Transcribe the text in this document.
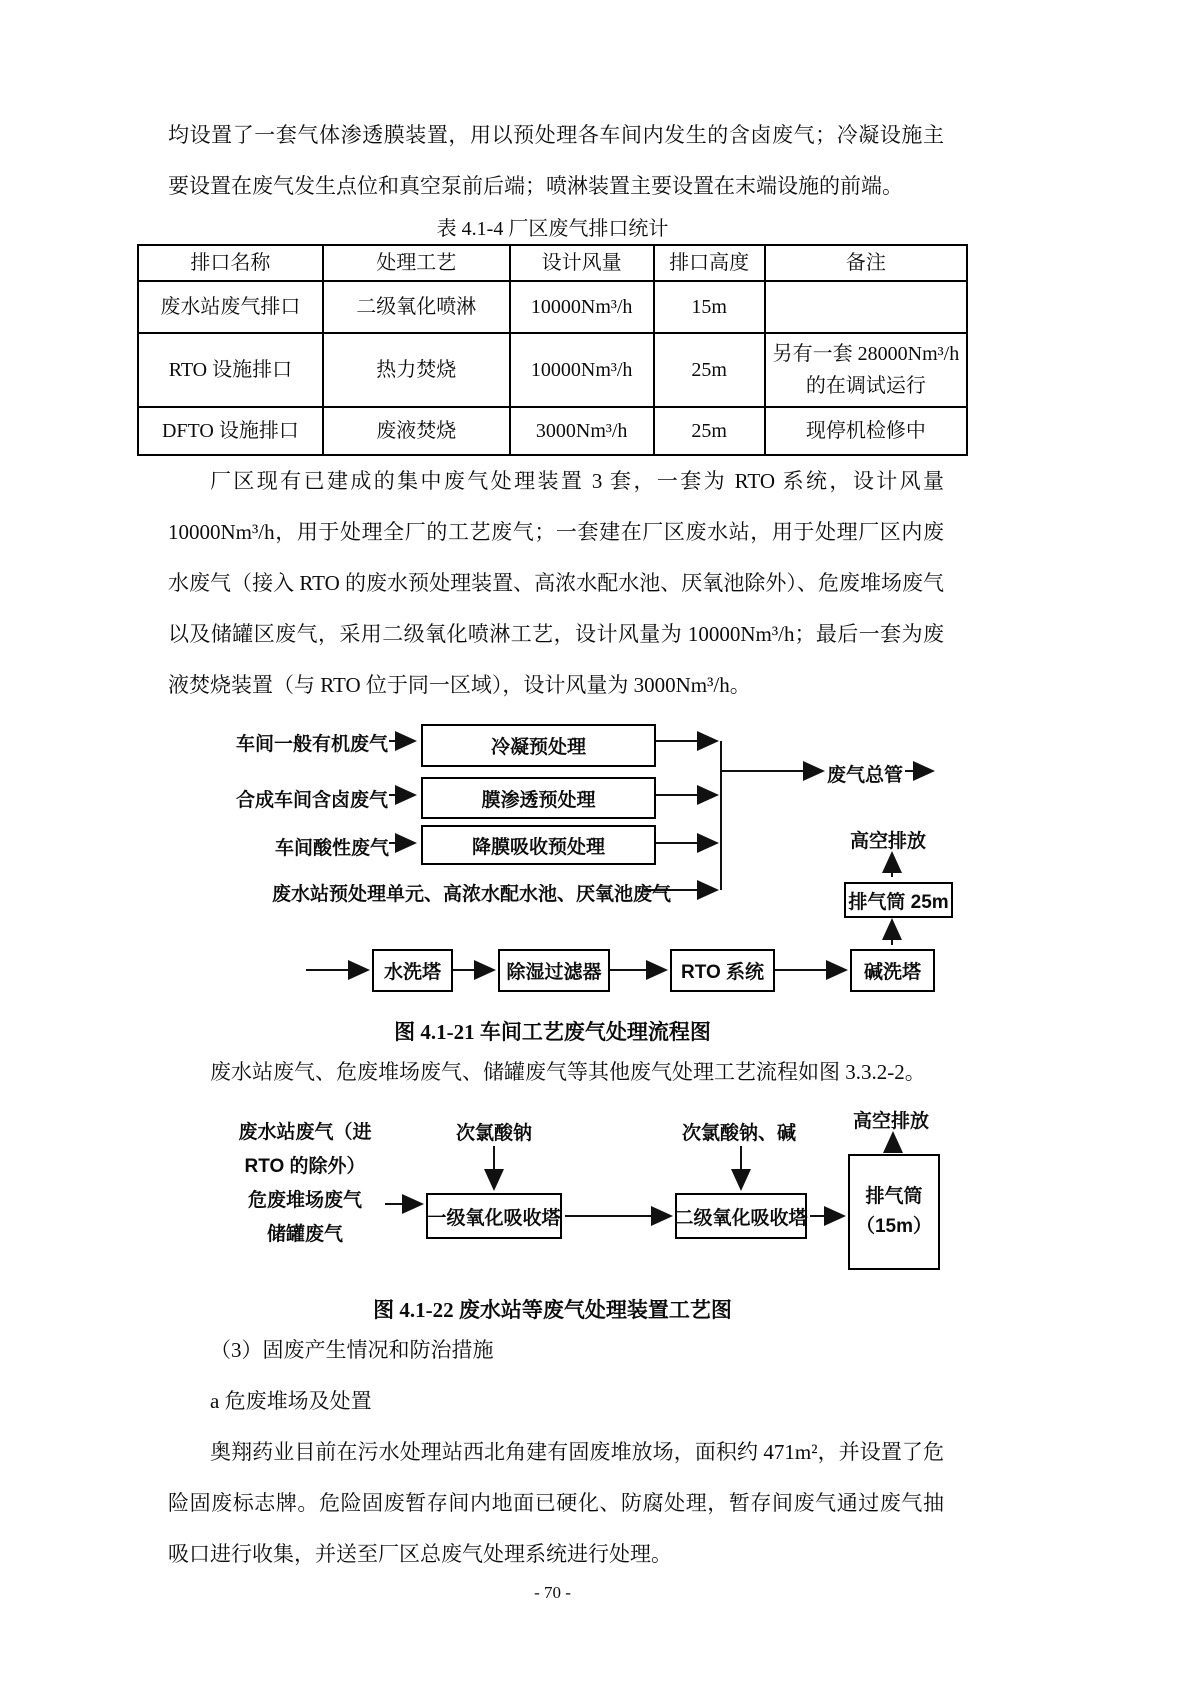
均设置了一套气体渗透膜装置，用以预处理各车间内发生的含卤废气；冷凝设施主要设置在废气发生点位和真空泵前后端；喷淋装置主要设置在末端设施的前端。

表 4.1-4 厂区废气排口统计
排口名称	处理工艺	设计风量	排口高度	备注
废水站废气排口	二级氧化喷淋	10000Nm³/h	15m	
RTO 设施排口	热力焚烧	10000Nm³/h	25m	另有一套 28000Nm³/h 的在调试运行
DFTO 设施排口	废液焚烧	3000Nm³/h	25m	现停机检修中

厂区现有已建成的集中废气处理装置 3 套，一套为 RTO 系统，设计风量 10000Nm³/h，用于处理全厂的工艺废气；一套建在厂区废水站，用于处理厂区内废水废气（接入 RTO 的废水预处理装置、高浓水配水池、厌氧池除外）、危废堆场废气以及储罐区废气，采用二级氧化喷淋工艺，设计风量为 10000Nm³/h；最后一套为废液焚烧装置（与 RTO 位于同一区域），设计风量为 3000Nm³/h。

车间一般有机废气
合成车间含卤废气
车间酸性废气
废水站预处理单元、高浓水配水池、厌氧池废气
冷凝预处理
膜渗透预处理
降膜吸收预处理
废气总管
高空排放
排气筒 25m
水洗塔	除湿过滤器	RTO 系统	碱洗塔
图 4.1-21 车间工艺废气处理流程图

废水站废气、危废堆场废气、储罐废气等其他废气处理工艺流程如图 3.3.2-2。

废水站废气（进
RTO 的除外）
危废堆场废气
储罐废气
次氯酸钠	次氯酸钠、碱
高空排放
一级氧化吸收塔	二级氧化吸收塔
排气筒
（15m）
图 4.1-22 废水站等废气处理装置工艺图

（3）固废产生情况和防治措施

a 危废堆场及处置

奥翔药业目前在污水处理站西北角建有固废堆放场，面积约 471m²，并设置了危险固废标志牌。危险固废暂存间内地面已硬化、防腐处理，暂存间废气通过废气抽吸口进行收集，并送至厂区总废气处理系统进行处理。

- 70 -
